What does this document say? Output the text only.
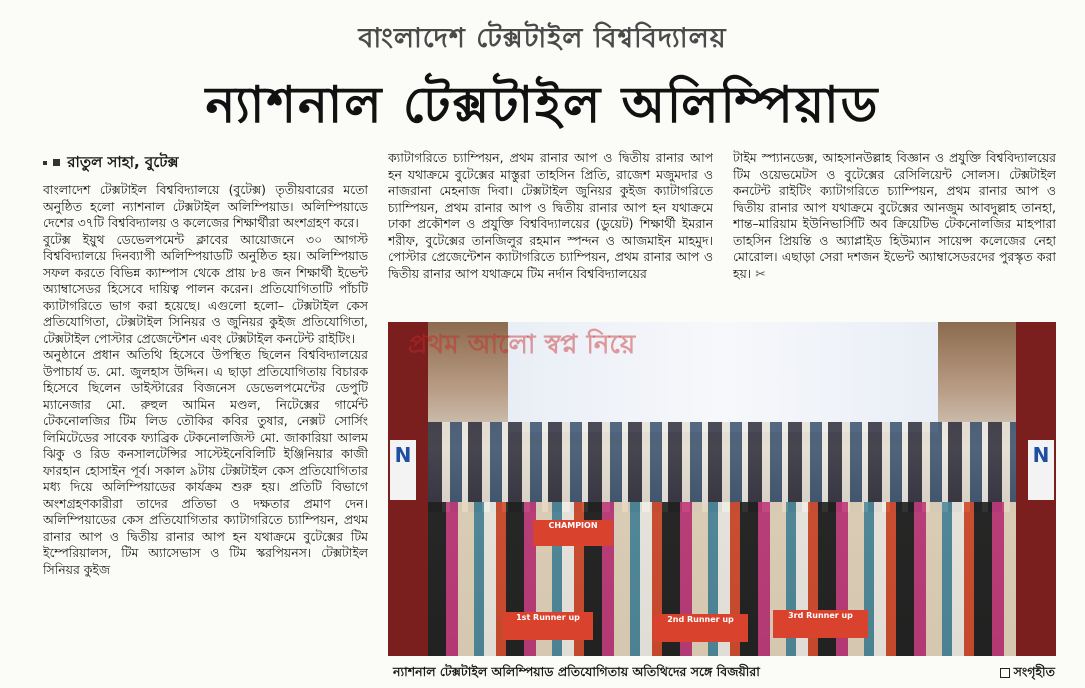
বাংলাদেশ টেক্সটাইল বিশ্ববিদ্যালয়
ন্যাশনাল টেক্সটাইল অলিম্পিয়াড
রাতুল সাহা, বুটেক্স

বাংলাদেশ টেক্সটাইল বিশ্ববিদ্যালয়ে (বুটেক্স) তৃতীয়বারের মতো অনুষ্ঠিত হলো ন্যাশনাল টেক্সটাইল অলিম্পিয়াড। অলিম্পিয়াডে দেশের ৩৭টি বিশ্ববিদ্যালয় ও কলেজের শিক্ষার্থীরা অংশগ্রহণ করে।

বুটেক্স ইয়ুথ ডেভেলপমেন্ট ক্লাবের আয়োজনে ৩০ আগস্ট বিশ্ববিদ্যালয়ে দিনব্যাপী অলিম্পিয়াডটি অনুষ্ঠিত হয়। অলিম্পিয়াড সফল করতে বিভিন্ন ক্যাম্পাস থেকে প্রায় ৮৪ জন শিক্ষার্থী ইভেন্ট অ্যাম্বাসেডর হিসেবে দায়িত্ব পালন করেন। প্রতিযোগিতাটি পাঁচটি ক্যাটাগরিতে ভাগ করা হয়েছে। এগুলো হলো– টেক্সটাইল কেস প্রতিযোগিতা, টেক্সটাইল সিনিয়র ও জুনিয়র কুইজ প্রতিযোগিতা, টেক্সটাইল পোস্টার প্রেজেন্টেশন এবং টেক্সটাইল কনটেন্ট রাইটিং।

অনুষ্ঠানে প্রধান অতিথি হিসেবে উপস্থিত ছিলেন বিশ্ববিদ্যালয়ের উপাচার্য ড. মো. জুলহাস উদ্দিন। এ ছাড়া প্রতিযোগিতায় বিচারক হিসেবে ছিলেন ডাইস্টারের বিজনেস ডেভেলপমেন্টের ডেপুটি ম্যানেজার মো. রুহুল আমিন মণ্ডল, নিটেক্সের গার্মেন্ট টেকনোলজির টিম লিড তৌকির কবির তুষার, নেক্সট সোর্সিং লিমিটেডের সাবেক ফ্যাব্রিক টেকনোলজিস্ট মো. জাকারিয়া আলম ঝিকু ও রিড কনসালটেন্সির সাস্টেইনেবিলিটি ইঞ্জিনিয়ার কাজী ফারহান হোসাইন পূর্ব। সকাল ৯টায় টেক্সটাইল কেস প্রতিযোগিতার মধ্য দিয়ে অলিম্পিয়াডের কার্যক্রম শুরু হয়। প্রতিটি বিভাগে অংশগ্রহণকারীরা তাদের প্রতিভা ও দক্ষতার প্রমাণ দেন। অলিম্পিয়াডের কেস প্রতিযোগিতার ক্যাটাগরিতে চ্যাম্পিয়ন, প্রথম রানার আপ ও দ্বিতীয় রানার আপ হন যথাক্রমে বুটেক্সের টিম ইম্পেরিয়ালস, টিম অ্যাসেভাস ও টিম স্করপিয়নস। টেক্সটাইল সিনিয়র কুইজ

ক্যাটাগরিতে চ্যাম্পিয়ন, প্রথম রানার আপ ও দ্বিতীয় রানার আপ হন যথাক্রমে বুটেক্সের মাস্তুরা তাহসিন প্রিতি, রাজেশ মজুমদার ও নাজরানা মেহনাজ দিবা। টেক্সটাইল জুনিয়র কুইজ ক্যাটাগরিতে চ্যাম্পিয়ন, প্রথম রানার আপ ও দ্বিতীয় রানার আপ হন যথাক্রমে ঢাকা প্রকৌশল ও প্রযুক্তি বিশ্ববিদ্যালয়ের (ডুয়েট) শিক্ষার্থী ইমরান শরীফ, বুটেক্সের তানজিলুর রহমান স্পন্দন ও আজমাইন মাহমুদ। পোস্টার প্রেজেন্টেশন ক্যাটাগরিতে চ্যাম্পিয়ন, প্রথম রানার আপ ও দ্বিতীয় রানার আপ যথাক্রমে টিম নর্দান বিশ্ববিদ্যালয়ের

টাইম স্প্যানডেক্স, আহসানউল্লাহ বিজ্ঞান ও প্রযুক্তি বিশ্ববিদ্যালয়ের টিম ওয়েভমেটস ও বুটেক্সের রেসিলিয়েন্ট সোলস। টেক্সটাইল কনটেন্ট রাইটিং ক্যাটাগরিতে চ্যাম্পিয়ন, প্রথম রানার আপ ও দ্বিতীয় রানার আপ যথাক্রমে বুটেক্সের আনজুম আবদুল্লাহ তানহা, শান্ত–মারিয়াম ইউনিভার্সিটি অব ক্রিয়েটিভ টেকনোলজির মাহপারা তাহসিন প্রিয়ন্তি ও অ্যাপ্লাইড হিউম্যান সায়েন্স কলেজের নেহা মোরোল। এছাড়া সেরা দশজন ইভেন্ট অ্যাম্বাসেডরদের পুরস্কৃত করা হয়। ✂

N	N
CHAMPION
1st Runner up	2nd Runner up	3rd Runner up
প্রথম আলো স্বপ্ন নিয়ে
ন্যাশনাল টেক্সটাইল অলিম্পিয়াড প্রতিযোগিতায় অতিথিদের সঙ্গে বিজয়ীরা	সংগৃহীত
